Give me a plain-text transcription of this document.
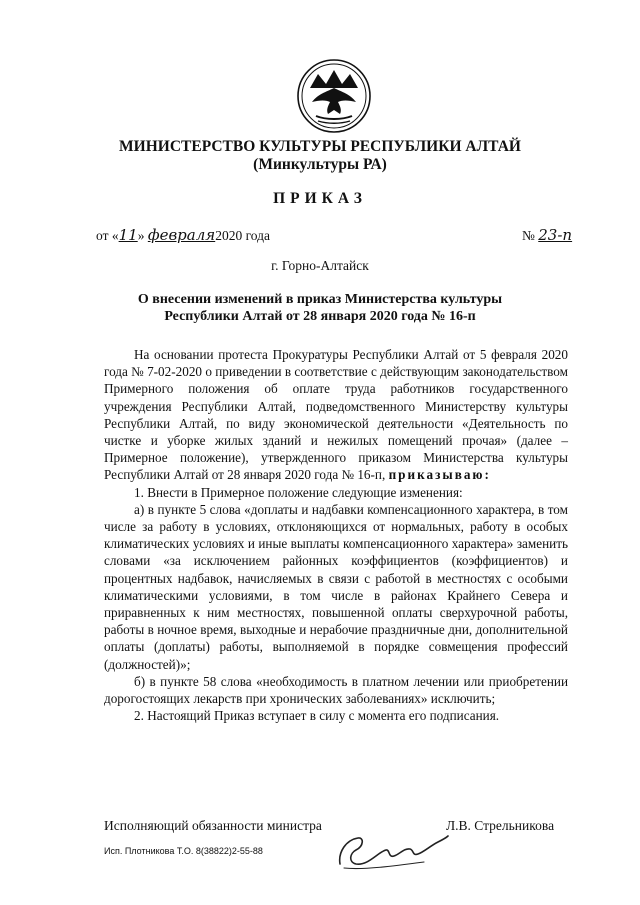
МИНИСТЕРСТВО КУЛЬТУРЫ РЕСПУБЛИКИ АЛТАЙ
(Минкультуры РА)
ПРИКАЗ
от «11» февраля2020 года	№ 23-п
г. Горно-Алтайск
О внесении изменений в приказ Министерства культуры
Республики Алтай от 28 января 2020 года № 16-п

На основании протеста Прокуратуры Республики Алтай от 5 февраля 2020 года № 7-02-2020 о приведении в соответствие с действующим законодательством Примерного положения об оплате труда работников государственного учреждения Республики Алтай, подведомственного Министерству культуры Республики Алтай, по виду экономической деятельности «Деятельность по чистке и уборке жилых зданий и нежилых помещений прочая» (далее – Примерное положение), утвержденного приказом Министерства культуры Республики Алтай от 28 января 2020 года № 16-п, приказываю:

1. Внести в Примерное положение следующие изменения:

а) в пункте 5 слова «доплаты и надбавки компенсационного характера, в том числе за работу в условиях, отклоняющихся от нормальных, работу в особых климатических условиях и иные выплаты компенсационного характера» заменить словами «за исключением районных коэффициентов (коэффициентов) и процентных надбавок, начисляемых в связи с работой в местностях с особыми климатическими условиями, в том числе в районах Крайнего Севера и приравненных к ним местностях, повышенной оплаты сверхурочной работы, работы в ночное время, выходные и нерабочие праздничные дни, дополнительной оплаты (доплаты) работы, выполняемой в порядке совмещения профессий (должностей)»;

б) в пункте 58 слова «необходимость в платном лечении или приобретении дорогостоящих лекарств при хронических заболеваниях» исключить;

2. Настоящий Приказ вступает в силу с момента его подписания.

Исполняющий обязанности министра	Л.В. Стрельникова
Исп. Плотникова Т.О. 8(38822)2-55-88
